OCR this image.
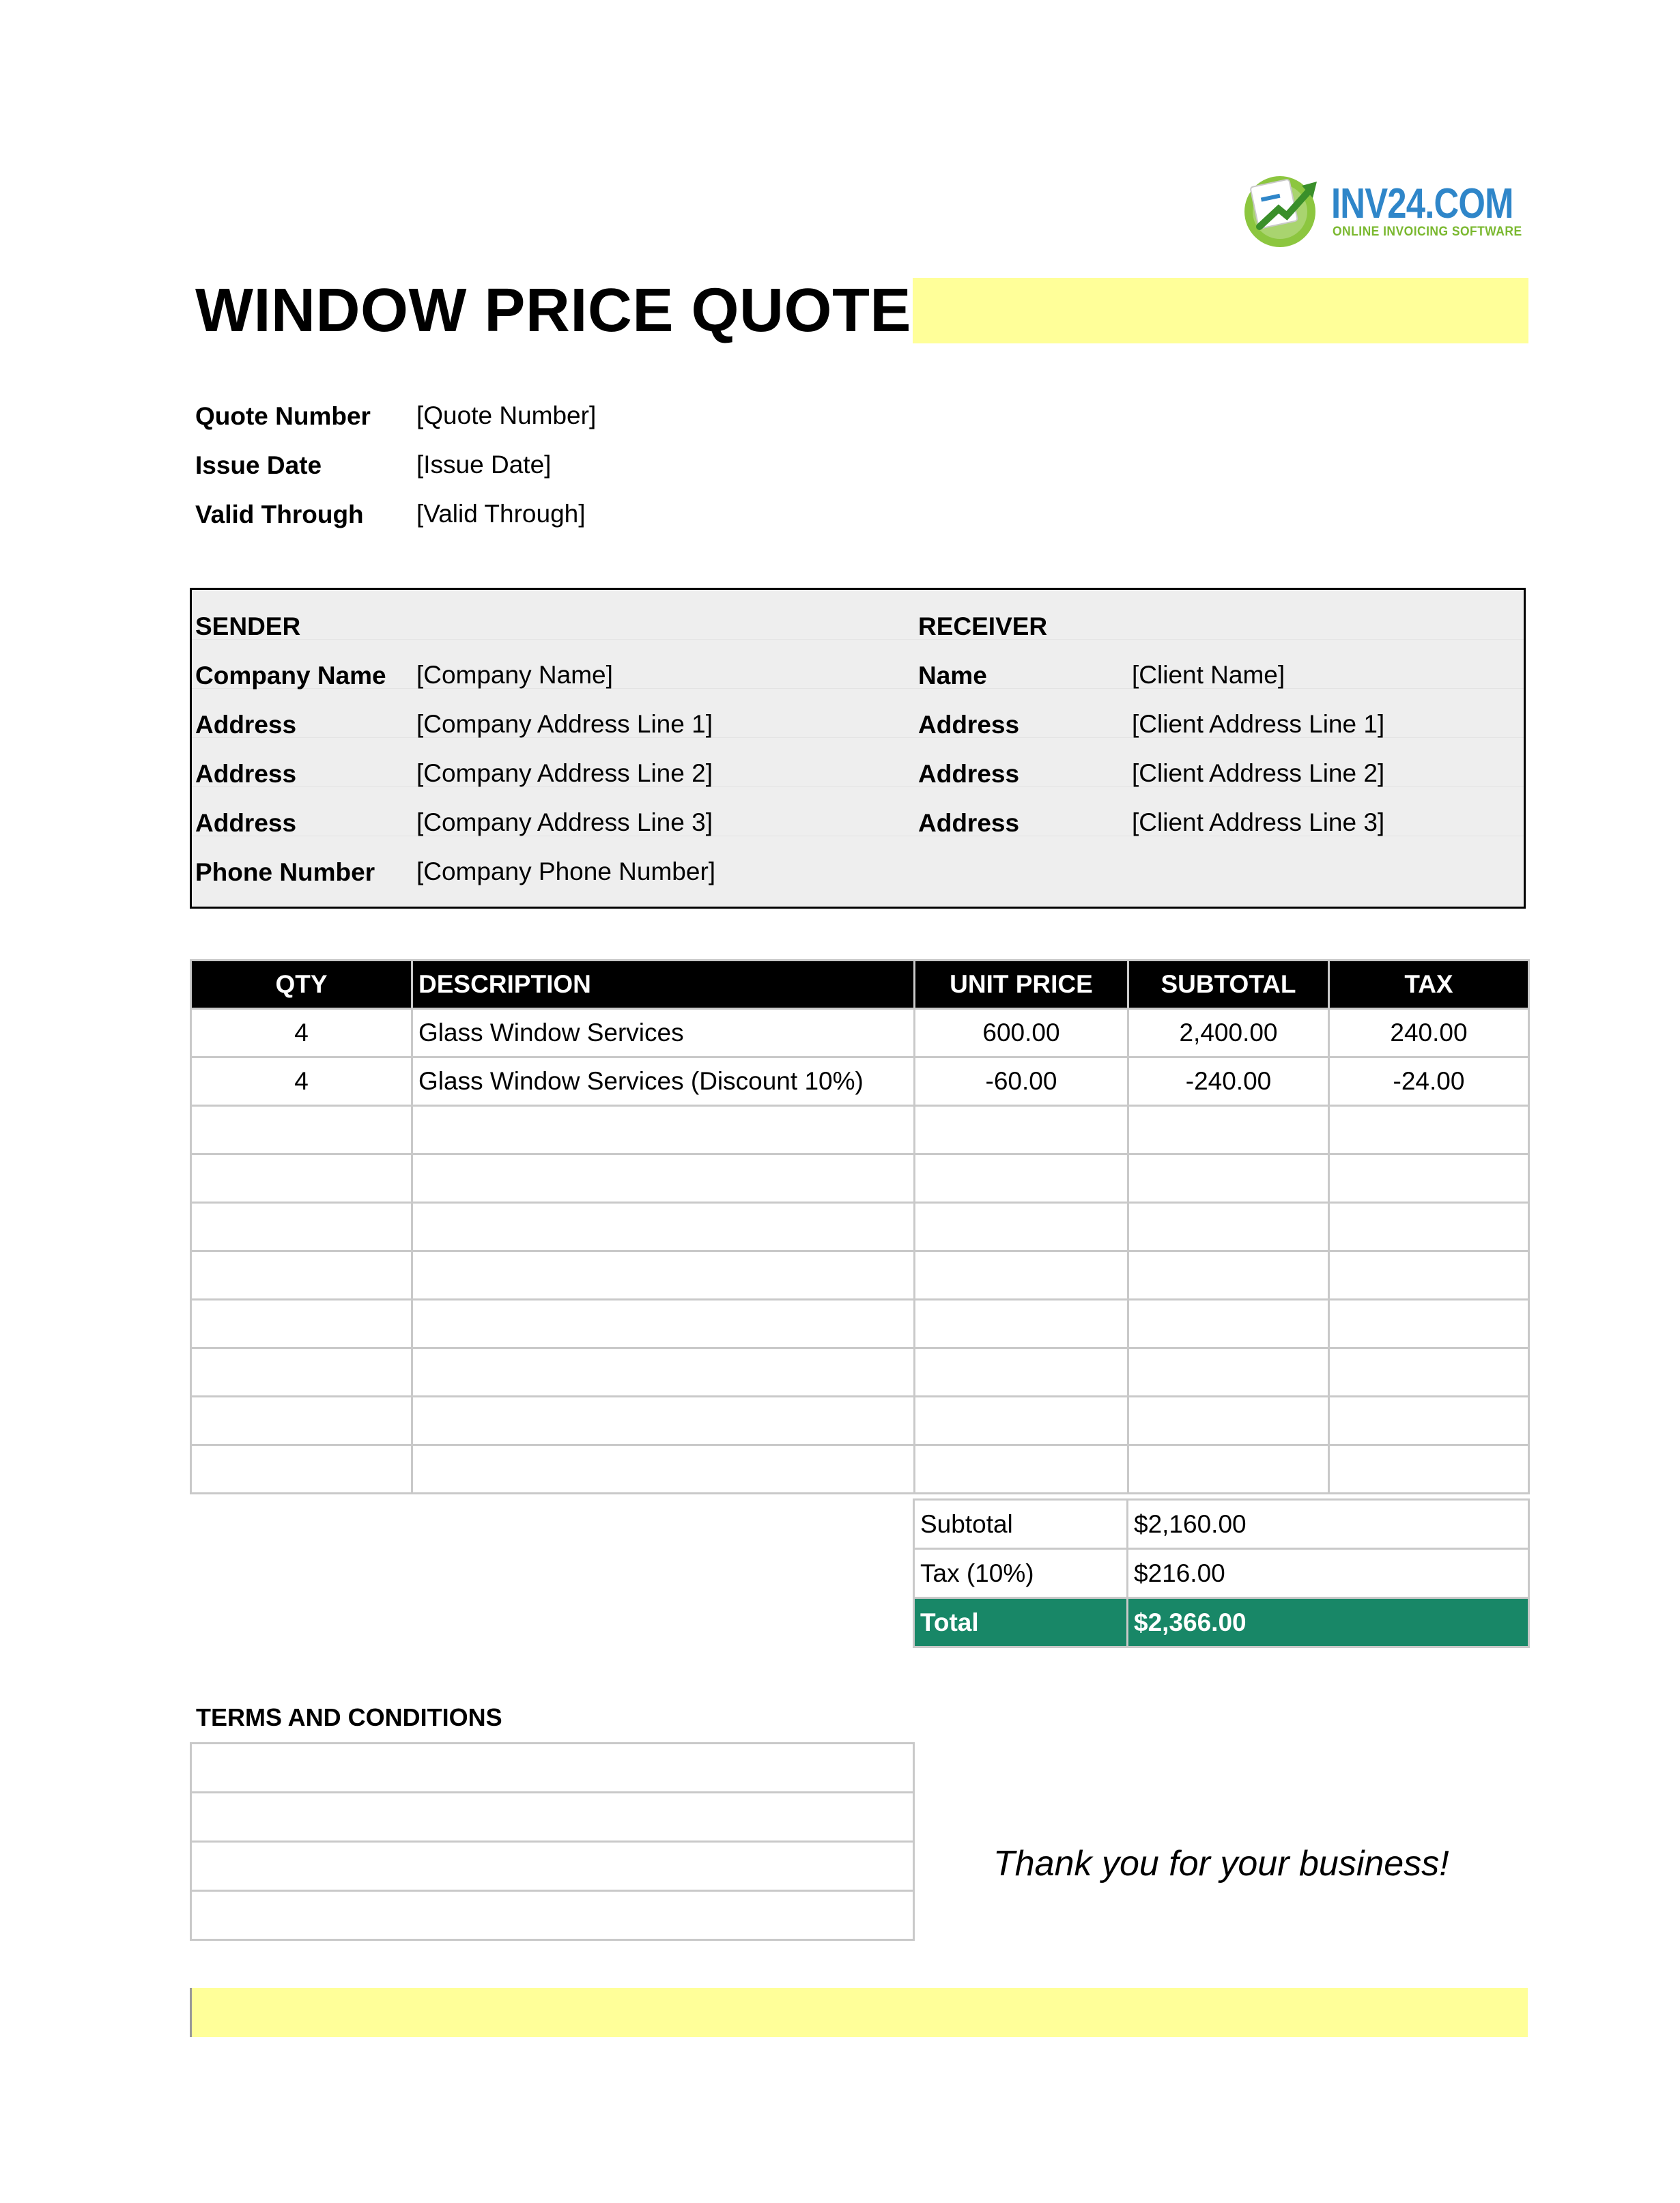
INV24.COM
ONLINE INVOICING SOFTWARE
WINDOW PRICE QUOTE
Quote Number [Quote Number]
Issue Date	[Issue Date]
Valid Through [Valid Through]
SENDER
Company Name [Company Name]
Address	[Company Address Line 1]
Address	[Company Address Line 2]
Address	[Company Address Line 3]
Phone Number [Company Phone Number]
RECEIVER
Name	[Client Name]
Address	[Client Address Line 1]
Address	[Client Address Line 2]
Address	[Client Address Line 3]
QTY	DESCRIPTION	UNIT PRICE	SUBTOTAL	TAX
4	Glass Window Services	600.00	2,400.00	240.00
4	Glass Window Services (Discount 10%)	-60.00	-240.00	-24.00

Subtotal	$2,160.00
Tax (10%)	$216.00
Total	$2,366.00
TERMS AND CONDITIONS

Thank you for your business!
